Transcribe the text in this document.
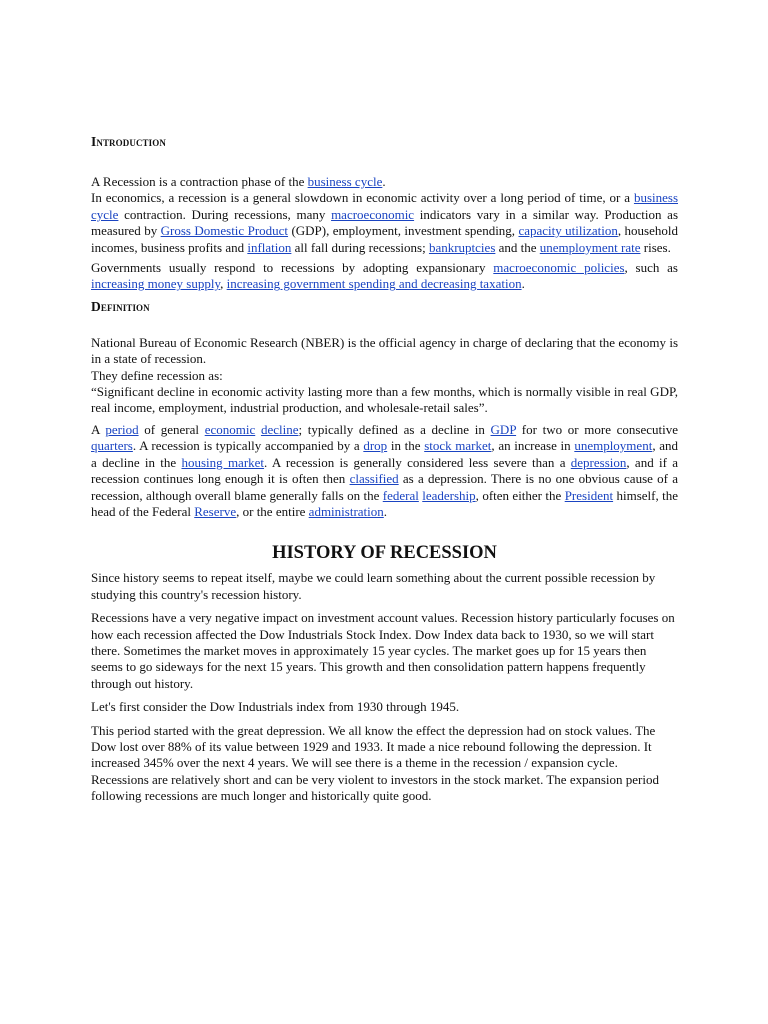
Introduction

A Recession is a contraction phase of the business cycle.

In economics, a recession is a general slowdown in economic activity over a long period of time, or a business cycle contraction. During recessions, many macroeconomic indicators vary in a similar way. Production as measured by Gross Domestic Product (GDP), employment, investment spending, capacity utilization, household incomes, business profits and inflation all fall during recessions; bankruptcies and the unemployment rate rises.

Governments usually respond to recessions by adopting expansionary macroeconomic policies, such as increasing money supply, increasing government spending and decreasing taxation.

Definition

National Bureau of Economic Research (NBER) is the official agency in charge of declaring that the economy is in a state of recession.

They define recession as:

“Significant decline in economic activity lasting more than a few months, which is normally visible in real GDP, real income, employment, industrial production, and wholesale-retail sales”.

A period of general economic decline; typically defined as a decline in GDP for two or more consecutive quarters. A recession is typically accompanied by a drop in the stock market, an increase in unemployment, and a decline in the housing market. A recession is generally considered less severe than a depression, and if a recession continues long enough it is often then classified as a depression. There is no one obvious cause of a recession, although overall blame generally falls on the federal leadership, often either the President himself, the head of the Federal Reserve, or the entire administration.

HISTORY OF RECESSION

Since history seems to repeat itself, maybe we could learn something about the current possible recession by studying this country's recession history.

Recessions have a very negative impact on investment account values. Recession history particularly focuses on how each recession affected the Dow Industrials Stock Index. Dow Index data back to 1930, so we will start there. Sometimes the market moves in approximately 15 year cycles. The market goes up for 15 years then seems to go sideways for the next 15 years. This growth and then consolidation pattern happens frequently through out history.

Let's first consider the Dow Industrials index from 1930 through 1945.

This period started with the great depression. We all know the effect the depression had on stock values. The Dow lost over 88% of its value between 1929 and 1933. It made a nice rebound following the depression. It increased 345% over the next 4 years. We will see there is a theme in the recession / expansion cycle. Recessions are relatively short and can be very violent to investors in the stock market. The expansion period following recessions are much longer and historically quite good.
